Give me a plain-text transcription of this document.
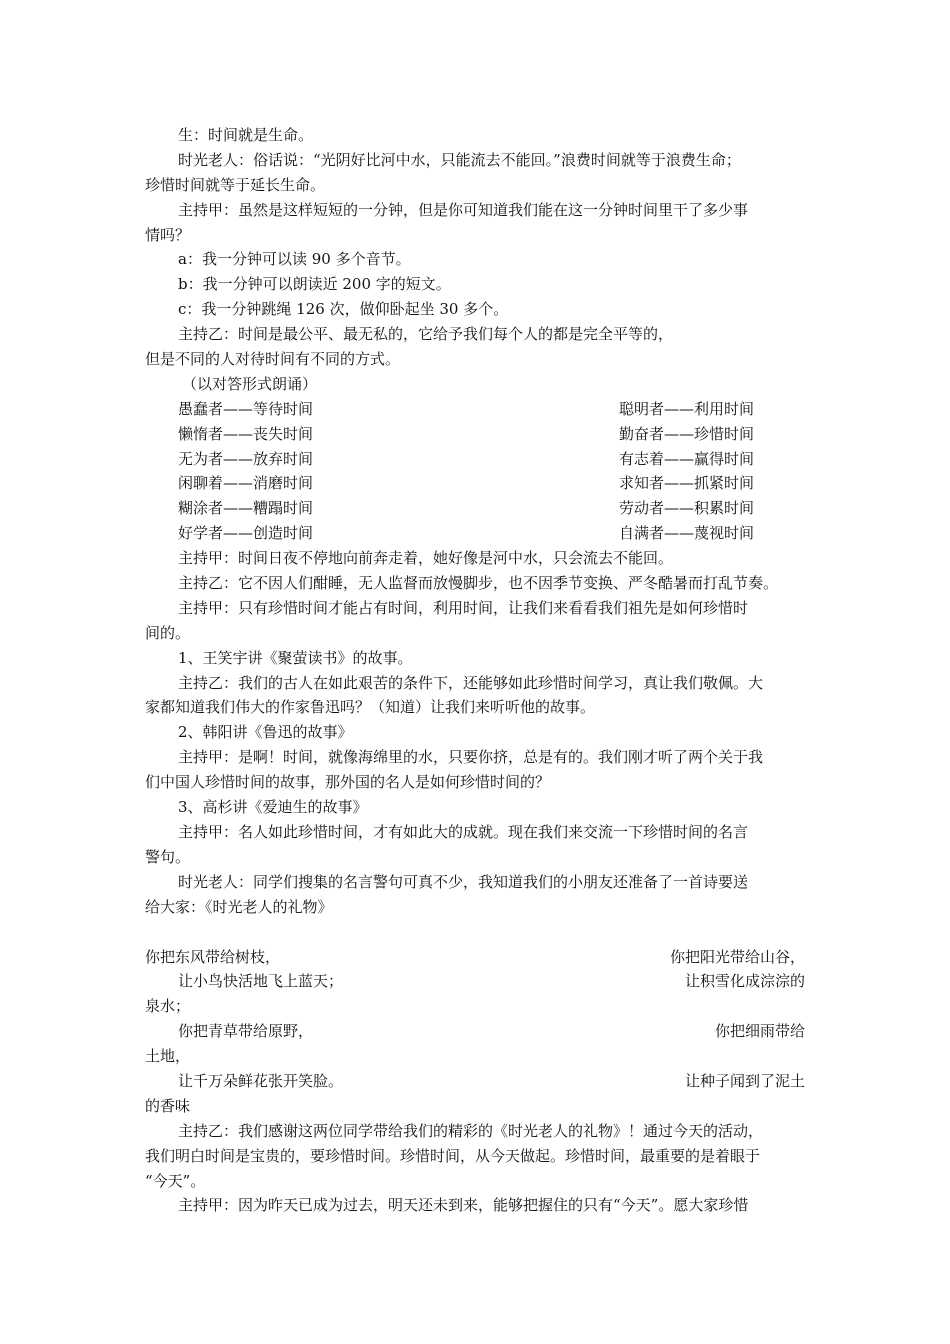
生：时间就是生命。
时光老人：俗话说：“光阴好比河中水，只能流去不能回。”浪费时间就等于浪费生命；
珍惜时间就等于延长生命。
主持甲：虽然是这样短短的一分钟，但是你可知道我们能在这一分钟时间里干了多少事
情吗？
a：我一分钟可以读 90 多个音节。
b：我一分钟可以朗读近 200 字的短文。
c：我一分钟跳绳 126 次，做仰卧起坐 30 多个。
主持乙：时间是最公平、最无私的，它给予我们每个人的都是完全平等的，
但是不同的人对待时间有不同的方式。
（以对答形式朗诵）
愚蠢者——等待时间	聪明者——利用时间
懒惰者——丧失时间	勤奋者——珍惜时间
无为者——放弃时间	有志着——赢得时间
闲聊着——消磨时间	求知者——抓紧时间
糊涂者——糟蹋时间	劳动者——积累时间
好学者——创造时间	自满者——蔑视时间
主持甲：时间日夜不停地向前奔走着，她好像是河中水，只会流去不能回。
主持乙：它不因人们酣睡，无人监督而放慢脚步，也不因季节变换、严冬酷暑而打乱节奏。
主持甲：只有珍惜时间才能占有时间，利用时间，让我们来看看我们祖先是如何珍惜时
间的。
1、王笑宇讲《聚萤读书》的故事。
主持乙：我们的古人在如此艰苦的条件下，还能够如此珍惜时间学习，真让我们敬佩。大
家都知道我们伟大的作家鲁迅吗？（知道）让我们来听听他的故事。
2、韩阳讲《鲁迅的故事》
主持甲：是啊！时间，就像海绵里的水，只要你挤，总是有的。我们刚才听了两个关于我
们中国人珍惜时间的故事，那外国的名人是如何珍惜时间的？
3、高杉讲《爱迪生的故事》
主持甲：名人如此珍惜时间，才有如此大的成就。现在我们来交流一下珍惜时间的名言
警句。
时光老人：同学们搜集的名言警句可真不少，我知道我们的小朋友还准备了一首诗要送
给大家：《时光老人的礼物》
你把东风带给树枝，	你把阳光带给山谷，
让小鸟快活地飞上蓝天；	让积雪化成淙淙的
泉水；
你把青草带给原野，	你把细雨带给
土地，
让千万朵鲜花张开笑脸。	让种子闻到了泥土
的香味
主持乙：我们感谢这两位同学带给我们的精彩的《时光老人的礼物》！通过今天的活动，
我们明白时间是宝贵的，要珍惜时间。珍惜时间，从今天做起。珍惜时间，最重要的是着眼于
“今天”。
主持甲：因为昨天已成为过去，明天还未到来，能够把握住的只有“今天”。愿大家珍惜
